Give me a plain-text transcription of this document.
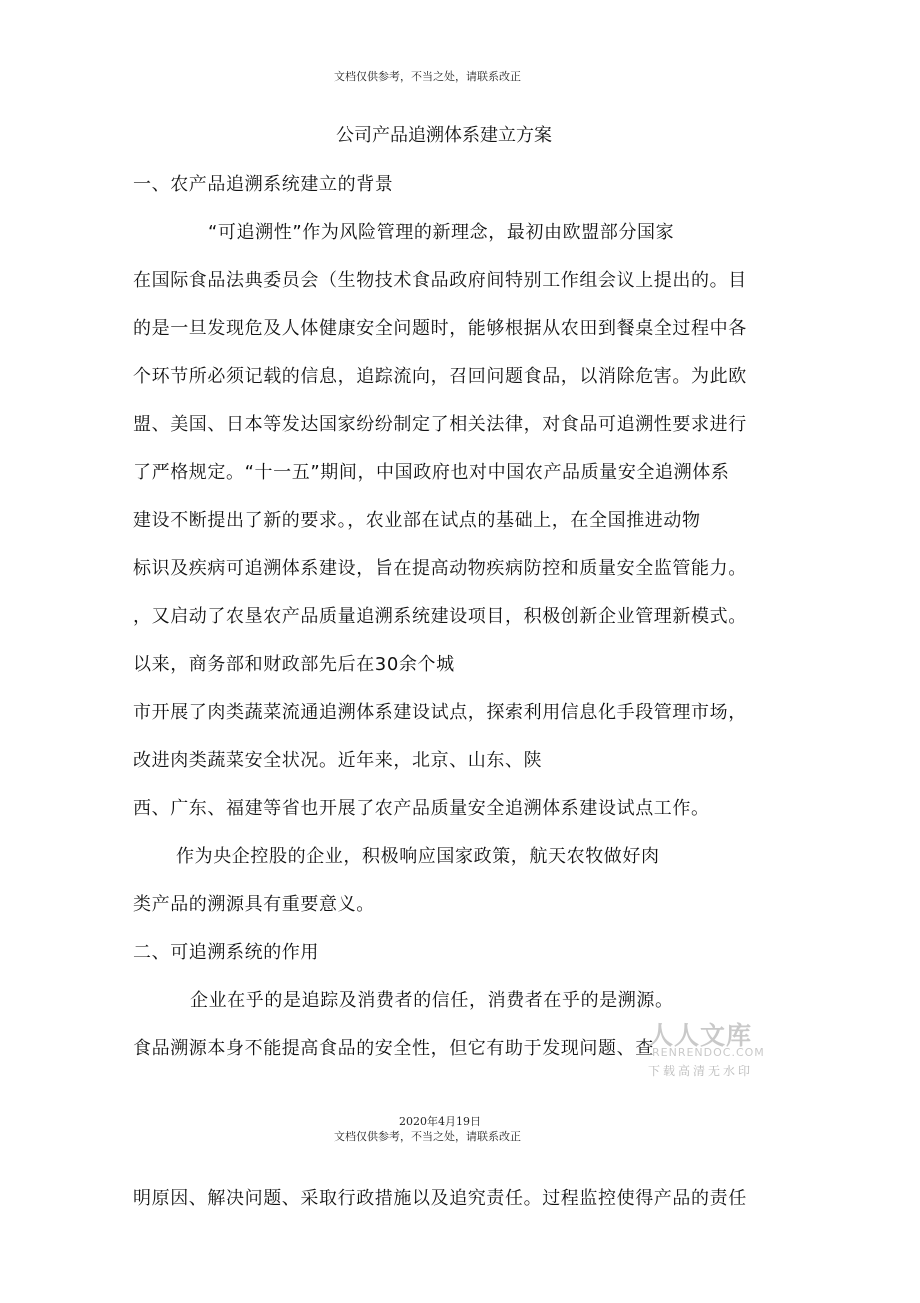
文档仅供参考，不当之处，请联系改正
公司产品追溯体系建立方案
一、农产品追溯系统建立的背景
“可追溯性”作为风险管理的新理念，最初由欧盟部分国家
在国际食品法典委员会（生物技术食品政府间特别工作组会议上提出的。目
的是一旦发现危及人体健康安全问题时，能够根据从农田到餐桌全过程中各
个环节所必须记载的信息，追踪流向，召回问题食品，以消除危害。为此欧
盟、美国、日本等发达国家纷纷制定了相关法律，对食品可追溯性要求进行
了严格规定。“十一五”期间，中国政府也对中国农产品质量安全追溯体系
建设不断提出了新的要求。，农业部在试点的基础上，在全国推进动物
标识及疾病可追溯体系建设，旨在提高动物疾病防控和质量安全监管能力。
，又启动了农垦农产品质量追溯系统建设项目，积极创新企业管理新模式。
以来，商务部和财政部先后在30余个城
市开展了肉类蔬菜流通追溯体系建设试点，探索利用信息化手段管理市场，
改进肉类蔬菜安全状况。近年来，北京、山东、陕
西、广东、福建等省也开展了农产品质量安全追溯体系建设试点工作。
作为央企控股的企业，积极响应国家政策，航天农牧做好肉
类产品的溯源具有重要意义。
二、可追溯系统的作用
企业在乎的是追踪及消费者的信任，消费者在乎的是溯源。
食品溯源本身不能提高食品的安全性，但它有助于发现问题、查
2020年4月19日
文档仅供参考，不当之处，请联系改正
人人文库
RENRENDOC.COM
下载高清无水印
明原因、解决问题、采取行政措施以及追究责任。过程监控使得产品的责任
